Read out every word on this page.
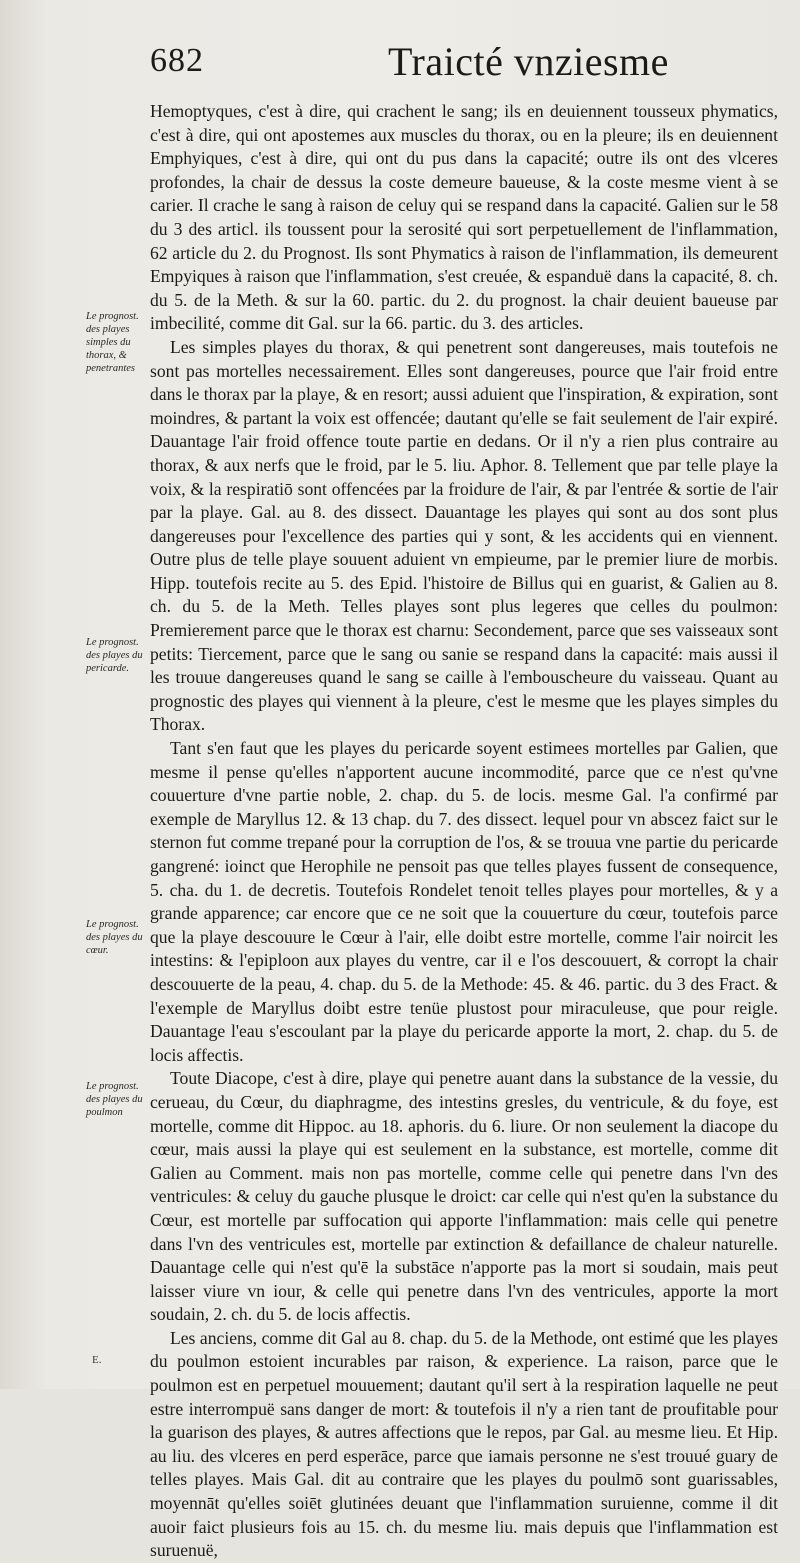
682	Traicté vnziesme
Le prognost. des playes simples du thorax, & penetrantes
Le prognost. des playes du pericarde.
Le prognost. des playes du cœur.
Le prognost. des playes du poulmon

Hemoptyques, c'est à dire, qui crachent le sang; ils en deuiennent tousseux phymatics, c'est à dire, qui ont apostemes aux muscles du thorax, ou en la pleure; ils en deuiennent Emphyiques, c'est à dire, qui ont du pus dans la capacité; outre ils ont des vlceres profondes, la chair de dessus la coste demeure baueuse, & la coste mesme vient à se carier. Il crache le sang à raison de celuy qui se respand dans la capacité. Galien sur le 58 du 3 des articl. ils toussent pour la serosité qui sort perpetuellement de l'inflammation, 62 article du 2. du Prognost. Ils sont Phymatics à raison de l'inflammation, ils demeurent Empyiques à raison que l'inflammation, s'est creuée, & espanduë dans la capacité, 8. ch. du 5. de la Meth. & sur la 60. partic. du 2. du prognost. la chair deuient baueuse par imbecilité, comme dit Gal. sur la 66. partic. du 3. des articles.

Les simples playes du thorax, & qui penetrent sont dangereuses, mais toutefois ne sont pas mortelles necessairement. Elles sont dangereuses, pource que l'air froid entre dans le thorax par la playe, & en resort; aussi aduient que l'inspiration, & expiration, sont moindres, & partant la voix est offencée; dautant qu'elle se fait seulement de l'air expiré. Dauantage l'air froid offence toute partie en dedans. Or il n'y a rien plus contraire au thorax, & aux nerfs que le froid, par le 5. liu. Aphor. 8. Tellement que par telle playe la voix, & la respiratiō sont offencées par la froidure de l'air, & par l'entrée & sortie de l'air par la playe. Gal. au 8. des dissect. Dauantage les playes qui sont au dos sont plus dangereuses pour l'excellence des parties qui y sont, & les accidents qui en viennent. Outre plus de telle playe souuent aduient vn empieume, par le premier liure de morbis. Hipp. toutefois recite au 5. des Epid. l'histoire de Billus qui en guarist, & Galien au 8. ch. du 5. de la Meth. Telles playes sont plus legeres que celles du poulmon: Premierement parce que le thorax est charnu: Secondement, parce que ses vaisseaux sont petits: Tiercement, parce que le sang ou sanie se respand dans la capacité: mais aussi il les trouue dangereuses quand le sang se caille à l'embouscheure du vaisseau. Quant au prognostic des playes qui viennent à la pleure, c'est le mesme que les playes simples du Thorax.

Tant s'en faut que les playes du pericarde soyent estimees mortelles par Galien, que mesme il pense qu'elles n'apportent aucune incommodité, parce que ce n'est qu'vne couuerture d'vne partie noble, 2. chap. du 5. de locis. mesme Gal. l'a confirmé par exemple de Maryllus 12. & 13 chap. du 7. des dissect. lequel pour vn abscez faict sur le sternon fut comme trepané pour la corruption de l'os, & se trouua vne partie du pericarde gangrené: ioinct que Herophile ne pensoit pas que telles playes fussent de consequence, 5. cha. du 1. de decretis. Toutefois Rondelet tenoit telles playes pour mortelles, & y a grande apparence; car encore que ce ne soit que la couuerture du cœur, toutefois parce que la playe descouure le Cœur à l'air, elle doibt estre mortelle, comme l'air noircit les intestins: & l'epiploon aux playes du ventre, car il e l'os descouuert, & corropt la chair descouuerte de la peau, 4. chap. du 5. de la Methode: 45. & 46. partic. du 3 des Fract. & l'exemple de Maryllus doibt estre tenüe plustost pour miraculeuse, que pour reigle. Dauantage l'eau s'escoulant par la playe du pericarde apporte la mort, 2. chap. du 5. de locis affectis.

Toute Diacope, c'est à dire, playe qui penetre auant dans la substance de la vessie, du cerueau, du Cœur, du diaphragme, des intestins gresles, du ventricule, & du foye, est mortelle, comme dit Hippoc. au 18. aphoris. du 6. liure. Or non seulement la diacope du cœur, mais aussi la playe qui est seulement en la substance, est mortelle, comme dit Galien au Comment. mais non pas mortelle, comme celle qui penetre dans l'vn des ventricules: & celuy du gauche plusque le droict: car celle qui n'est qu'en la substance du Cœur, est mortelle par suffocation qui apporte l'inflammation: mais celle qui penetre dans l'vn des ventricules est, mortelle par extinction & defaillance de chaleur naturelle. Dauantage celle qui n'est qu'ē la substāce n'apporte pas la mort si soudain, mais peut laisser viure vn iour, & celle qui penetre dans l'vn des ventricules, apporte la mort soudain, 2. ch. du 5. de locis affectis.

Les anciens, comme dit Gal au 8. chap. du 5. de la Methode, ont estimé que les playes du poulmon estoient incurables par raison, & experience. La raison, parce que le poulmon est en perpetuel mouuement; dautant qu'il sert à la respiration laquelle ne peut estre interrompuë sans danger de mort: & toutefois il n'y a rien tant de proufitable pour la guarison des playes, & autres affections que le repos, par Gal. au mesme lieu. Et Hip. au liu. des vlceres en perd esperāce, parce que iamais personne ne s'est trouué guary de telles playes. Mais Gal. dit au contraire que les playes du poulmō sont guarissables, moyennāt qu'elles soiēt glutinées deuant que l'inflammation suruienne, comme il dit auoir faict plusieurs fois au 15. ch. du mesme liu. mais depuis que l'inflammation est suruenuë,

E.
